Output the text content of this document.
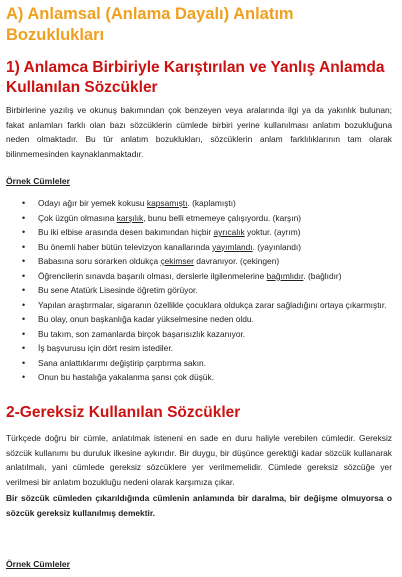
A) Anlamsal (Anlama Dayalı) Anlatım Bozuklukları
1) Anlamca Birbiriyle Karıştırılan ve Yanlış Anlamda Kullanılan Sözcükler

Birbirlerine yazılış ve okunuş bakımından çok benzeyen veya aralarında ilgi ya da yakınlık bulunan; fakat anlamları farklı olan bazı sözcüklerin cümlede birbiri yerine kullanılması anlatım bozukluğuna neden olmaktadır. Bu tür anlatım bozuklukları, sözcüklerin anlam farklılıklarının tam olarak bilinmemesinden kaynaklanmaktadır.

Örnek Cümleler
• Odayı ağır bir yemek kokusu kapsamıştı. (kaplamıştı)
• Çok üzgün olmasına karşılık, bunu belli etmemeye çalışıyordu. (karşın)
• Bu iki elbise arasında desen bakımından hiçbir ayrıcalık yoktur. (ayrım)
• Bu önemli haber bütün televizyon kanallarında yayımlandı. (yayınlandı)
• Babasına soru sorarken oldukça çekimser davranıyor. (çekingen)
• Öğrencilerin sınavda başarılı olması, derslerle ilgilenmelerine bağımlıdır. (bağlıdır)
• Bu sene Atatürk Lisesinde öğretim görüyor.
• Yapılan araştırmalar, sigaranın özellikle çocuklara oldukça zarar sağladığını ortaya çıkarmıştır.
• Bu olay, onun başkanlığa kadar yükselmesine neden oldu.
• Bu takım, son zamanlarda birçok başarısızlık kazanıyor.
• İş başvurusu için dört resim istediler.
• Sana anlattıklarımı değiştirip çarptırma sakın.
• Onun bu hastalığa yakalanma şansı çok düşük.
2-Gereksiz Kullanılan Sözcükler

Türkçede doğru bir cümle, anlatılmak isteneni en sade en duru haliyle verebilen cümledir. Gereksiz sözcük kullanımı bu duruluk ilkesine aykırıdır. Bir duygu, bir düşünce gerektiği kadar sözcük kullanarak anlatılmalı, yani cümlede gereksiz sözcüklere yer verilmemelidir. Cümlede gereksiz sözcüğe yer verilmesi bir anlatım bozukluğu nedeni olarak karşımıza çıkar.

Bir sözcük cümleden çıkarıldığında cümlenin anlamında bir daralma, bir değişme olmuyorsa o sözcük gereksiz kullanılmış demektir.

Örnek Cümleler
